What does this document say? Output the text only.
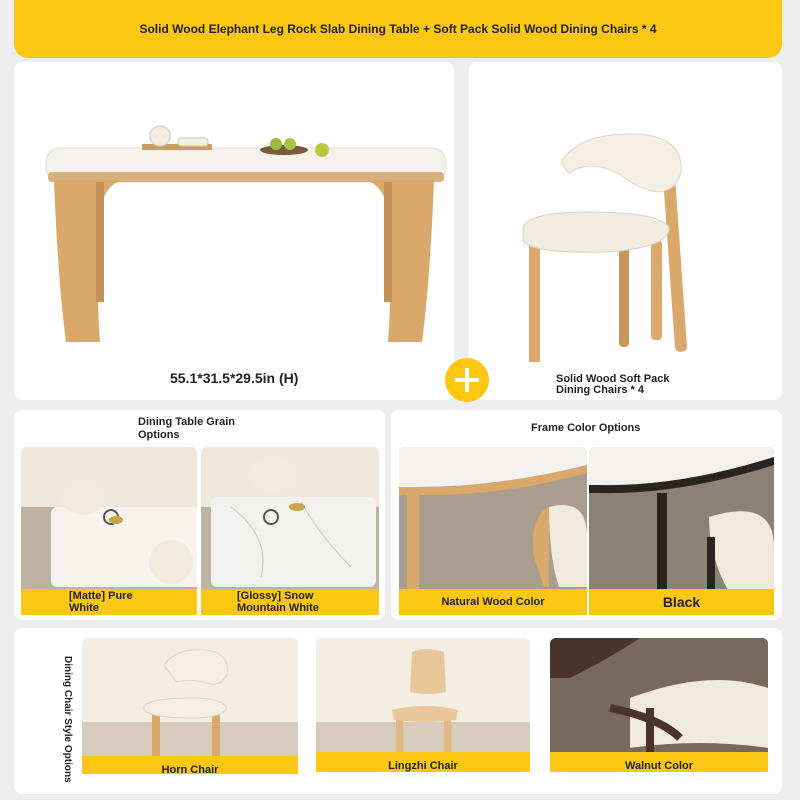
Solid Wood Elephant Leg Rock Slab Dining Table + Soft Pack Solid Wood Dining Chairs * 4
55.1*31.5*29.5in (H)	Solid Wood Soft Pack
Dining Chairs * 4
Dining Table Grain
Options
[Matte] Pure
White
[Glossy] Snow
Mountain White
Frame Color Options
Natural Wood Color	Black
Dining Chair Style Options	Horn Chair	Lingzhi Chair	Walnut Color
